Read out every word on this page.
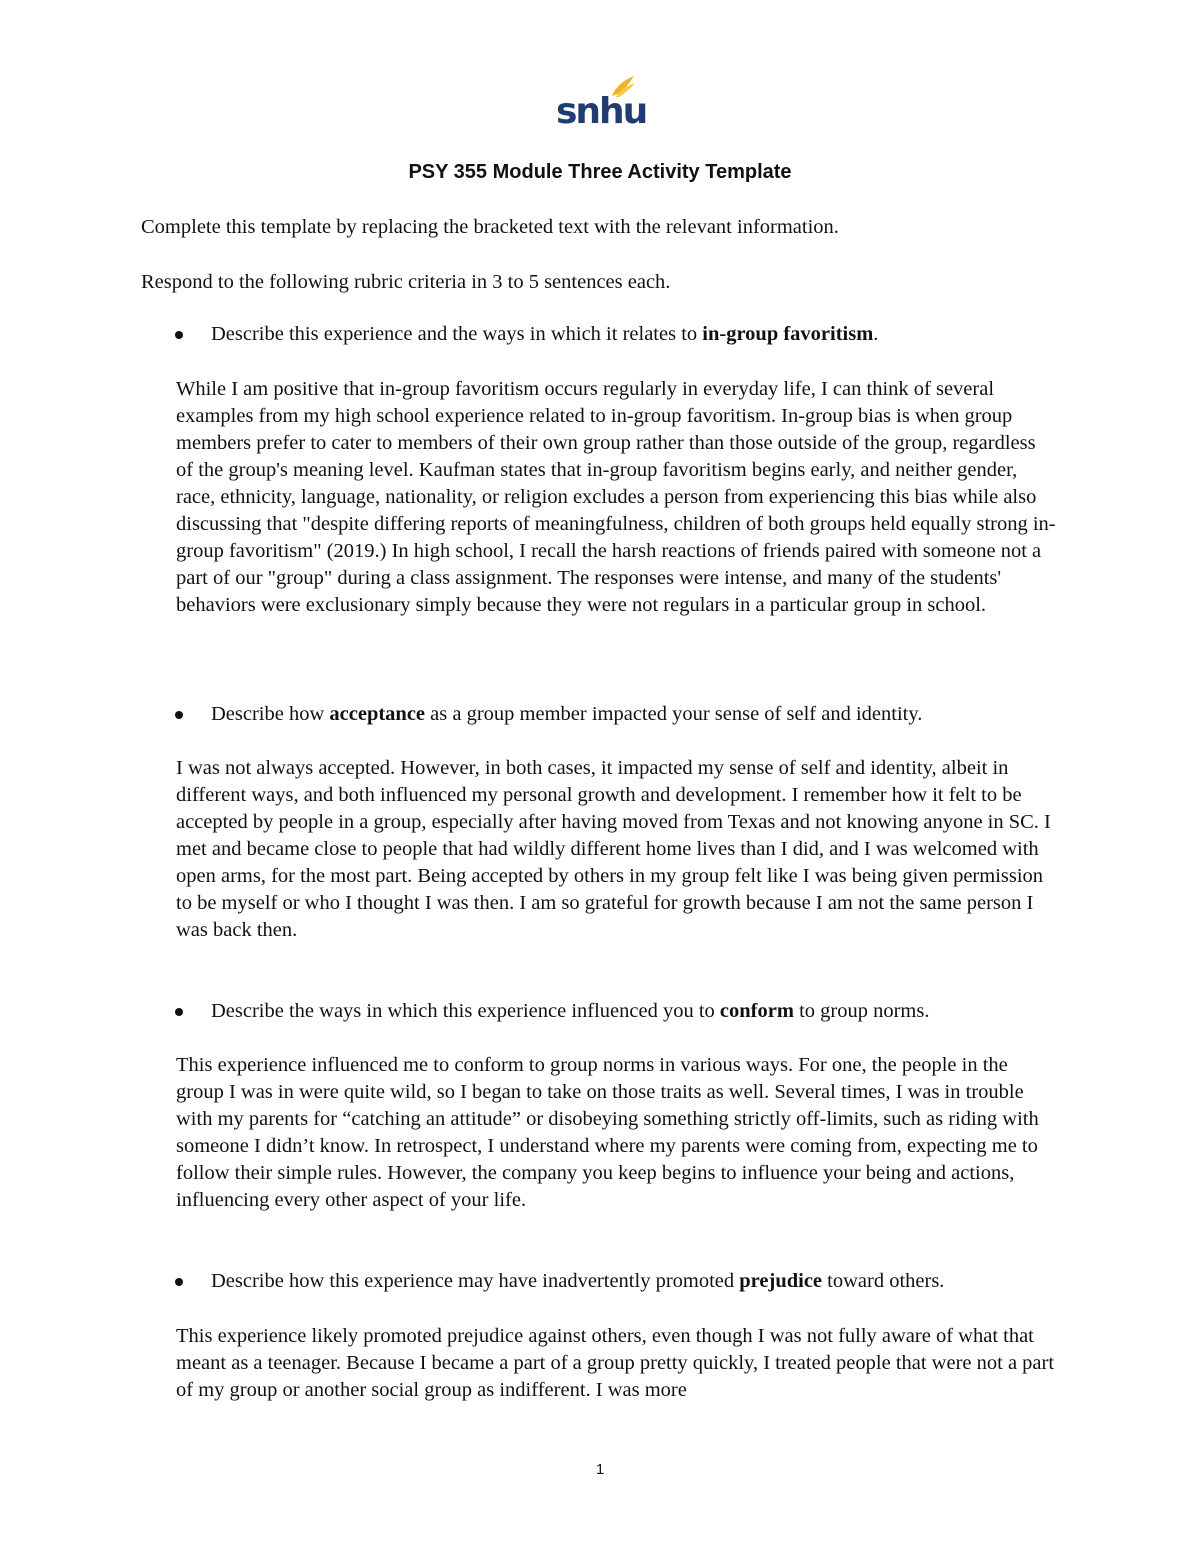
snhu
PSY 355 Module Three Activity Template

Complete this template by replacing the bracketed text with the relevant information.

Respond to the following rubric criteria in 3 to 5 sentences each.

Describe this experience and the ways in which it relates to in-group favoritism.

While I am positive that in-group favoritism occurs regularly in everyday life, I can think of several examples from my high school experience related to in-group favoritism. In-group bias is when group members prefer to cater to members of their own group rather than those outside of the group, regardless of the group's meaning level. Kaufman states that in-group favoritism begins early, and neither gender, race, ethnicity, language, nationality, or religion excludes a person from experiencing this bias while also discussing that "despite differing reports of meaningfulness, children of both groups held equally strong in-group favoritism" (2019.) In high school, I recall the harsh reactions of friends paired with someone not a part of our "group" during a class assignment. The responses were intense, and many of the students' behaviors were exclusionary simply because they were not regulars in a particular group in school.

Describe how acceptance as a group member impacted your sense of self and identity.

I was not always accepted. However, in both cases, it impacted my sense of self and identity, albeit in different ways, and both influenced my personal growth and development. I remember how it felt to be accepted by people in a group, especially after having moved from Texas and not knowing anyone in SC. I met and became close to people that had wildly different home lives than I did, and I was welcomed with open arms, for the most part. Being accepted by others in my group felt like I was being given permission to be myself or who I thought I was then. I am so grateful for growth because I am not the same person I was back then.

Describe the ways in which this experience influenced you to conform to group norms.

This experience influenced me to conform to group norms in various ways. For one, the people in the group I was in were quite wild, so I began to take on those traits as well. Several times, I was in trouble with my parents for “catching an attitude” or disobeying something strictly off-limits, such as riding with someone I didn’t know. In retrospect, I understand where my parents were coming from, expecting me to follow their simple rules. However, the company you keep begins to influence your being and actions, influencing every other aspect of your life.

Describe how this experience may have inadvertently promoted prejudice toward others.

This experience likely promoted prejudice against others, even though I was not fully aware of what that meant as a teenager. Because I became a part of a group pretty quickly, I treated people that were not a part of my group or another social group as indifferent. I was more

1
